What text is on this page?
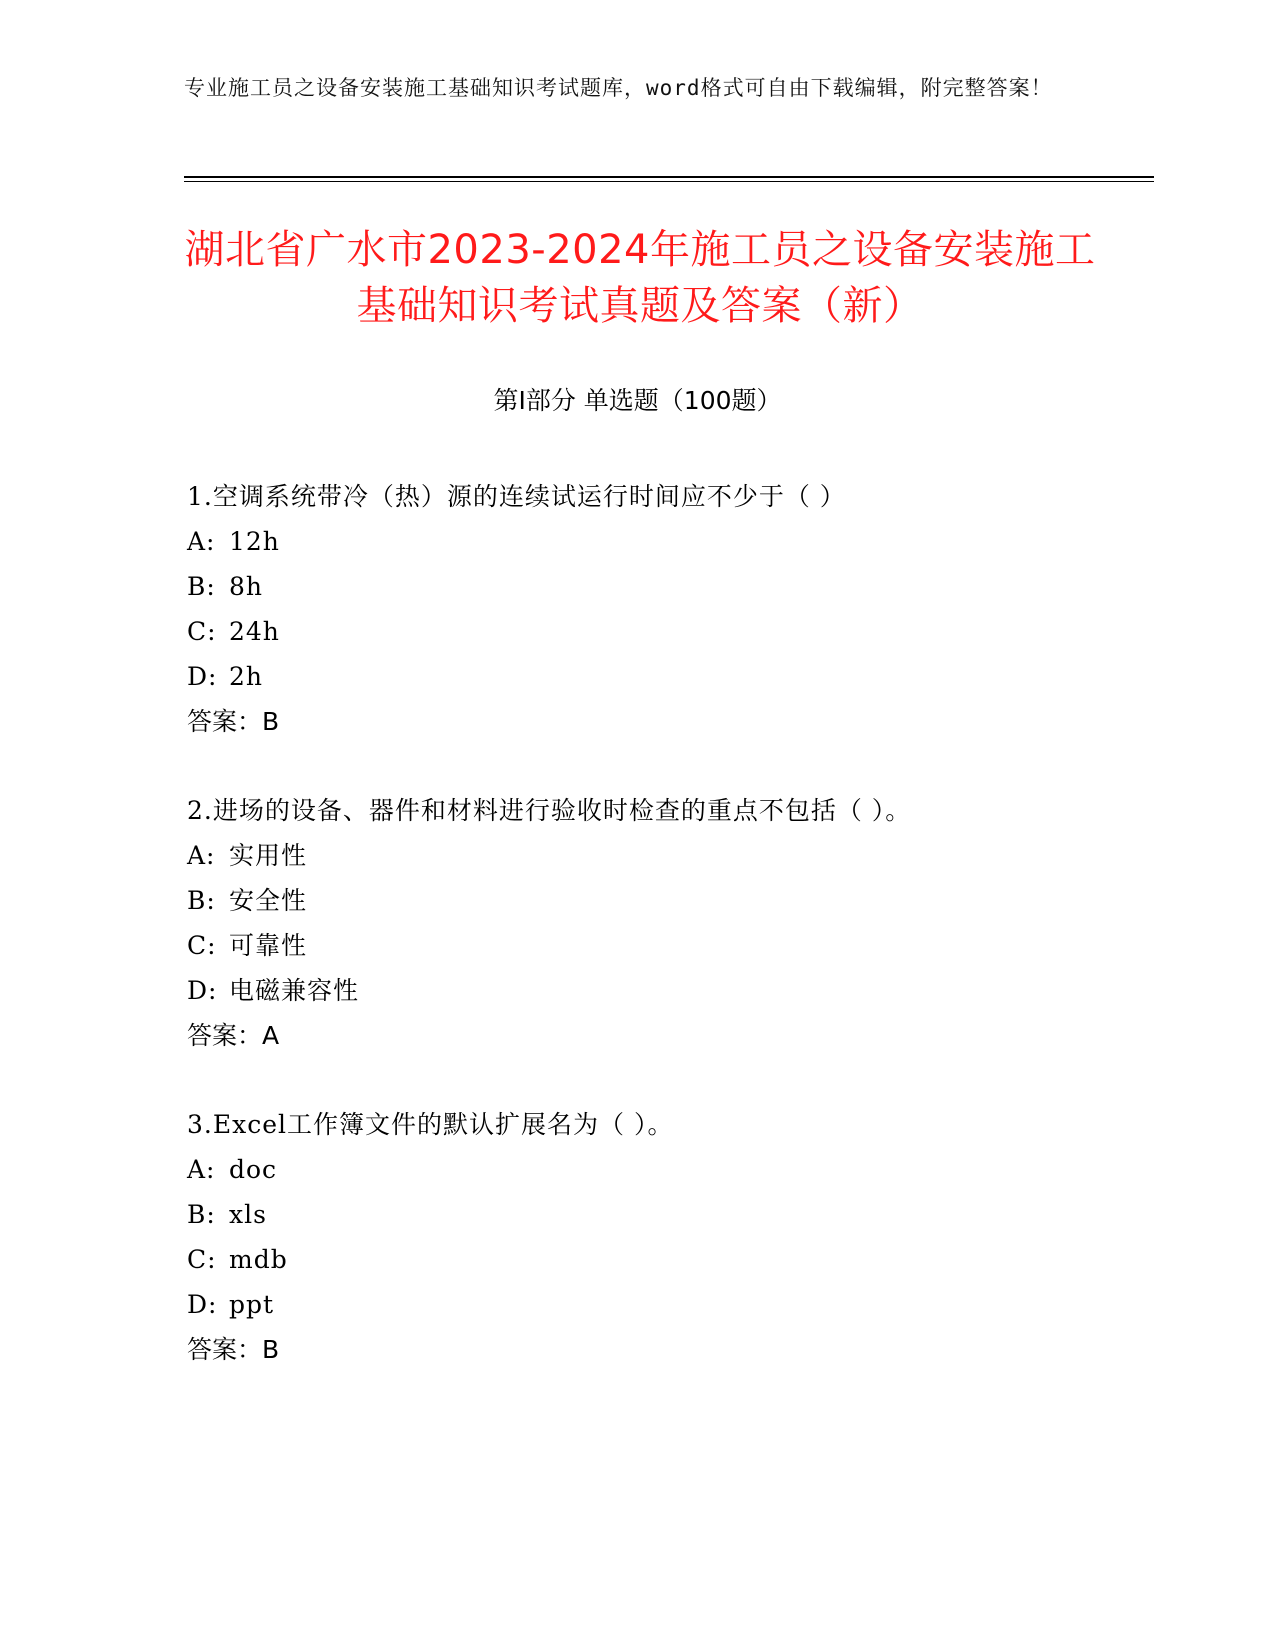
专业施工员之设备安装施工基础知识考试题库，word格式可自由下载编辑，附完整答案！
湖北省广水市2023-2024年施工员之设备安装施工基础知识考试真题及答案（新）
第Ⅰ部分 单选题（100题）
1.空调系统带冷（热）源的连续试运行时间应不少于（ ）
A: 12h
B: 8h
C: 24h
D: 2h
答案：B
2.进场的设备、器件和材料进行验收时检查的重点不包括（ ）。
A: 实用性
B: 安全性
C: 可靠性
D: 电磁兼容性
答案：A
3.Excel工作簿文件的默认扩展名为（ ）。
A: doc
B: xls
C: mdb
D: ppt
答案：B
